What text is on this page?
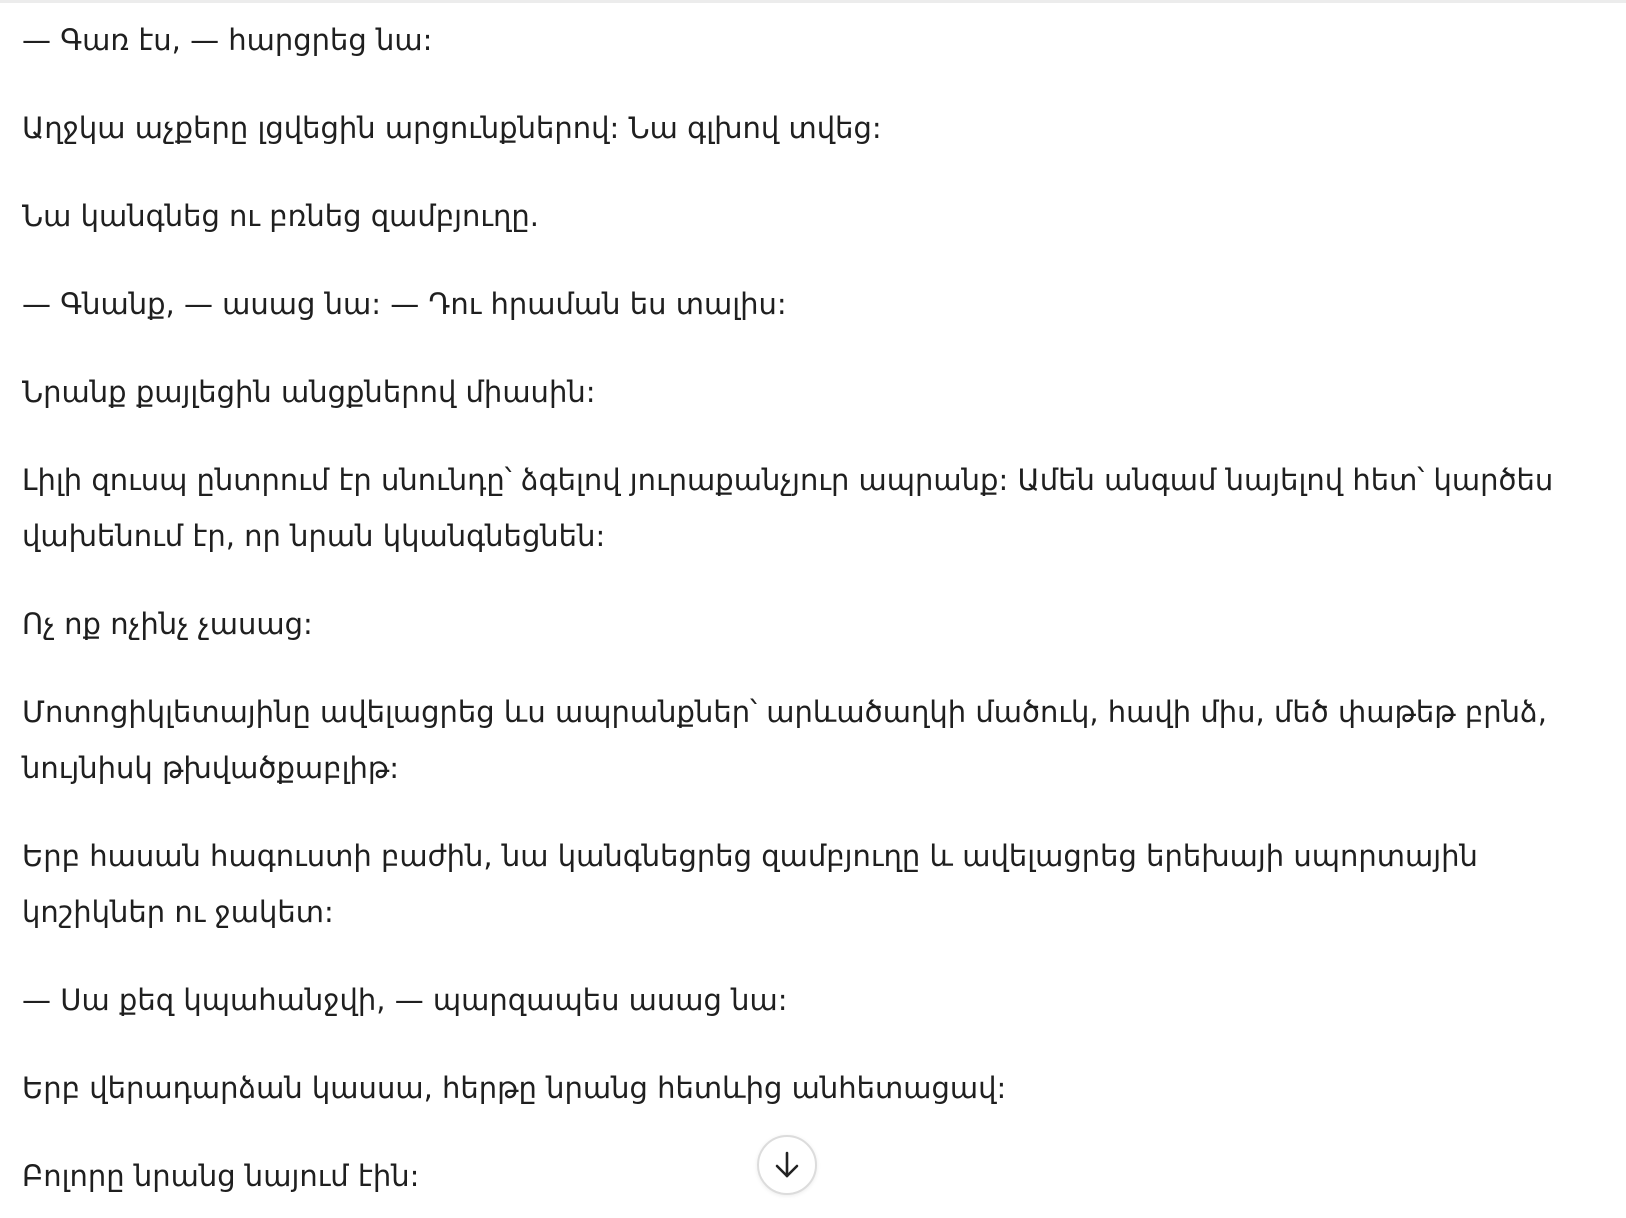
— Գառ էս, — հարցրեց նա:

Աղջկա աչքերը լցվեցին արցունքներով: Նա գլխով տվեց:

Նա կանգնեց ու բռնեց զամբյուղը.

— Գնանք, — ասաց նա: — Դու հրաման ես տալիս:

Նրանք քայլեցին անցքներով միասին:

Լիլի զուսպ ընտրում էր սնունդը՝ ձգելով յուրաքանչյուր ապրանք: Ամեն անգամ նայելով հետ՝ կարծես վախենում էր, որ նրան կկանգնեցնեն:

Ոչ ոք ոչինչ չասաց:

Մոտոցիկլետայինը ավելացրեց ևս ապրանքներ՝ արևածաղկի մածուկ, հավի միս, մեծ փաթեթ բրնձ, նույնիսկ թխվածքաբլիթ:

Երբ հասան հագուստի բաժին, նա կանգնեցրեց զամբյուղը և ավելացրեց երեխայի սպորտային կոշիկներ ու ջակետ:

— Սա քեզ կպահանջվի, — պարզապես ասաց նա:

Երբ վերադարձան կասսա, հերթը նրանց հետևից անհետացավ:

Բոլորը նրանց նայում էին:
